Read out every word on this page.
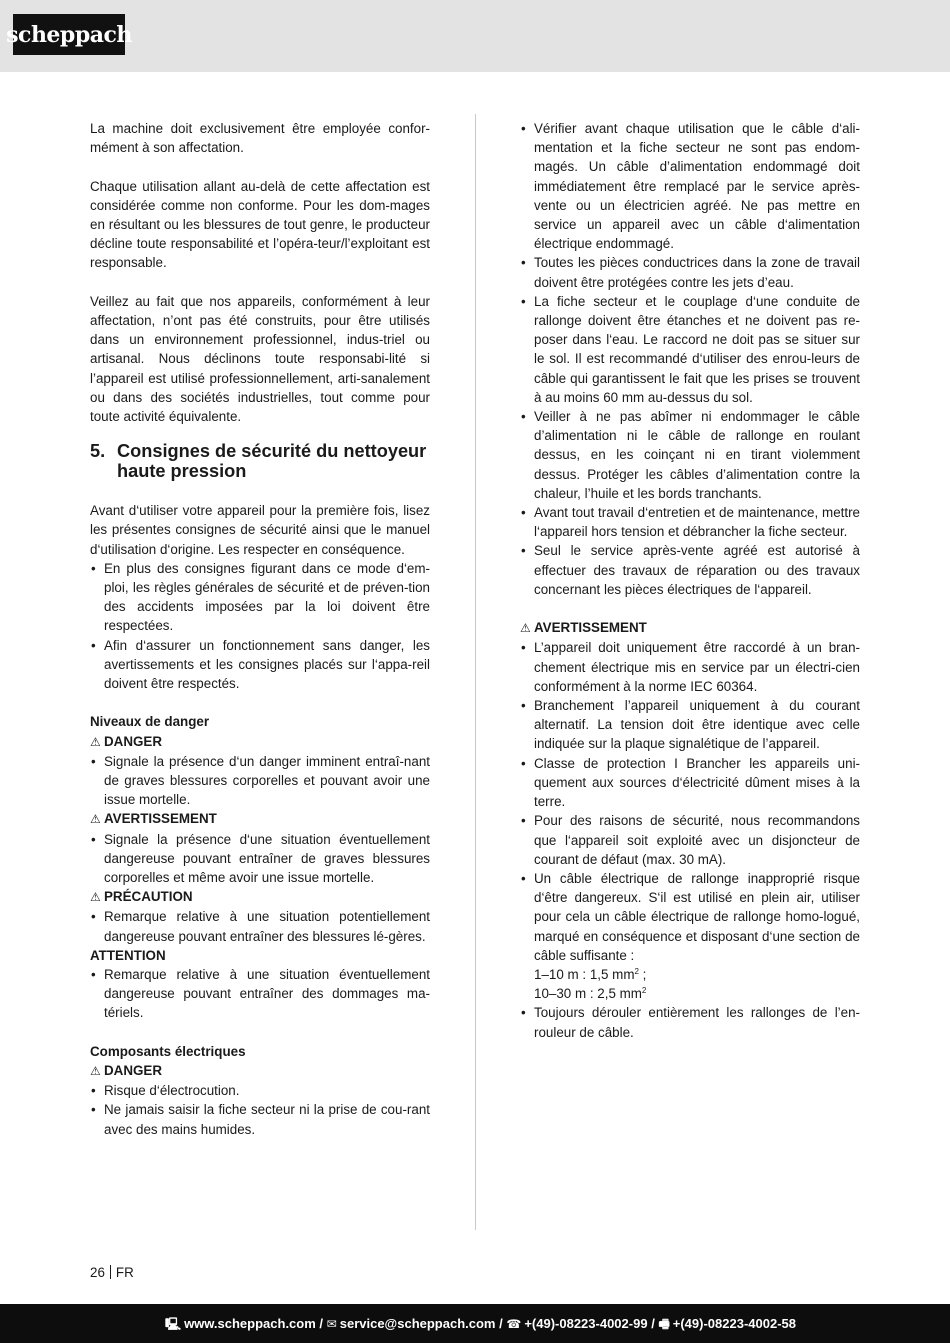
scheppach

La machine doit exclusivement être employée confor-mément à son affectation.

Chaque utilisation allant au-delà de cette affectation est considérée comme non conforme. Pour les dom-mages en résultant ou les blessures de tout genre, le producteur décline toute responsabilité et l’opéra-teur/l’exploitant est responsable.

Veillez au fait que nos appareils, conformément à leur affectation, n’ont pas été construits, pour être utilisés dans un environnement professionnel, indus-triel ou artisanal. Nous déclinons toute responsabi-lité si l’appareil est utilisé professionnellement, arti-sanalement ou dans des sociétés industrielles, tout comme pour toute activité équivalente.

5. Consignes de sécurité du nettoyeur haute pression

Avant d‘utiliser votre appareil pour la première fois, lisez les présentes consignes de sécurité ainsi que le manuel d‘utilisation d‘origine. Les respecter en conséquence.

• En plus des consignes figurant dans ce mode d‘em-ploi, les règles générales de sécurité et de préven-tion des accidents imposées par la loi doivent être respectées.
• Afin d‘assurer un fonctionnement sans danger, les avertissements et les consignes placés sur l‘appa-reil doivent être respectés.

Niveaux de danger

⚠ DANGER

• Signale la présence d‘un danger imminent entraî-nant de graves blessures corporelles et pouvant avoir une issue mortelle.

⚠ AVERTISSEMENT

• Signale la présence d‘une situation éventuellement dangereuse pouvant entraîner de graves blessures corporelles et même avoir une issue mortelle.

⚠ PRÉCAUTION

• Remarque relative à une situation potentiellement dangereuse pouvant entraîner des blessures lé-gères.

ATTENTION

• Remarque relative à une situation éventuellement dangereuse pouvant entraîner des dommages ma-tériels.

Composants électriques

⚠ DANGER

• Risque d‘électrocution.
• Ne jamais saisir la fiche secteur ni la prise de cou-rant avec des mains humides.
• Vérifier avant chaque utilisation que le câble d‘ali-mentation et la fiche secteur ne sont pas endom-magés. Un câble d’alimentation endommagé doit immédiatement être remplacé par le service après-vente ou un électricien agréé. Ne pas mettre en service un appareil avec un câble d‘alimentation électrique endommagé.
• Toutes les pièces conductrices dans la zone de travail doivent être protégées contre les jets d’eau.
• La fiche secteur et le couplage d‘une conduite de rallonge doivent être étanches et ne doivent pas re-poser dans l‘eau. Le raccord ne doit pas se situer sur le sol. Il est recommandé d‘utiliser des enrou-leurs de câble qui garantissent le fait que les prises se trouvent à au moins 60 mm au-dessus du sol.
• Veiller à ne pas abîmer ni endommager le câble d’alimentation ni le câble de rallonge en roulant dessus, en les coinçant ni en tirant violemment dessus. Protéger les câbles d’alimentation contre la chaleur, l’huile et les bords tranchants.
• Avant tout travail d‘entretien et de maintenance, mettre l‘appareil hors tension et débrancher la fiche secteur.
• Seul le service après-vente agréé est autorisé à effectuer des travaux de réparation ou des travaux concernant les pièces électriques de l‘appareil.

⚠ AVERTISSEMENT

• L’appareil doit uniquement être raccordé à un bran-chement électrique mis en service par un électri-cien conformément à la norme IEC 60364.
• Branchement l’appareil uniquement à du courant alternatif. La tension doit être identique avec celle indiquée sur la plaque signalétique de l’appareil.
• Classe de protection I Brancher les appareils uni-quement aux sources d‘électricité dûment mises à la terre.
• Pour des raisons de sécurité, nous recommandons que l‘appareil soit exploité avec un disjoncteur de courant de défaut (max. 30 mA).
• Un câble électrique de rallonge inapproprié risque d‘être dangereux. S‘il est utilisé en plein air, utiliser pour cela un câble électrique de rallonge homo-logué, marqué en conséquence et disposant d‘une section de câble suffisante :
1–10 m : 1,5 $mm^2$ ;
10–30 m : 2,5 $mm^2$
• Toujours dérouler entièrement les rallonges de l’en-rouleur de câble.
26 FR
🖳 www.scheppach.com / ✉ service@scheppach.com / ☎ +(49)-08223-4002-99 / 🖷 +(49)-08223-4002-58
